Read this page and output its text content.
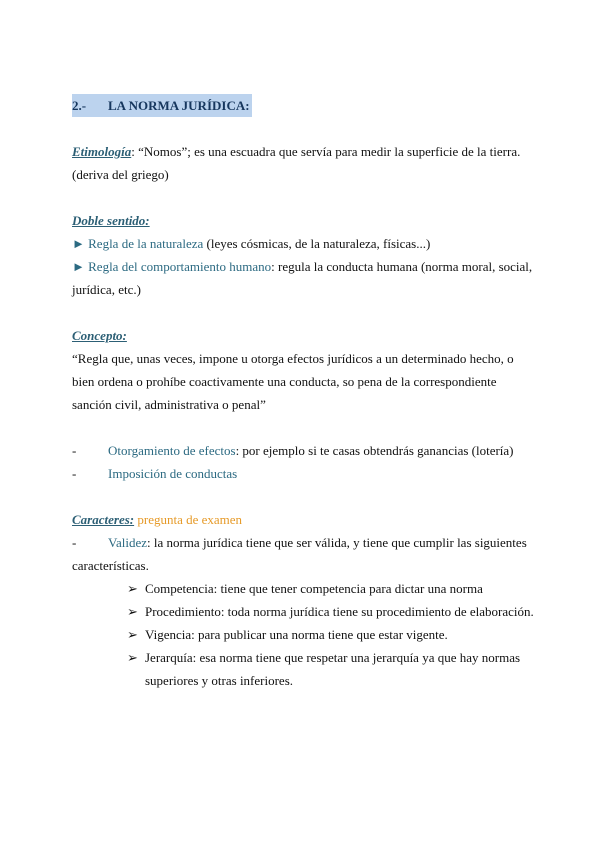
2.- LA NORMA JURÍDICA:

Etimología: “Nomos”; es una escuadra que servía para medir la superficie de la tierra. (deriva del griego)

Doble sentido:

► Regla de la naturaleza (leyes cósmicas, de la naturaleza, físicas...)

► Regla del comportamiento humano: regula la conducta humana (norma moral, social, jurídica, etc.)

Concepto:

“Regla que, unas veces, impone u otorga efectos jurídicos a un determinado hecho, o bien ordena o prohíbe coactivamente una conducta, so pena de la correspondiente sanción civil, administrativa o penal”

- Otorgamiento de efectos: por ejemplo si te casas obtendrás ganancias (lotería)

- Imposición de conductas

Caracteres: pregunta de examen

- Validez: la norma jurídica tiene que ser válida, y tiene que cumplir las siguientes características.

➢ Competencia: tiene que tener competencia para dictar una norma
➢ Procedimiento: toda norma jurídica tiene su procedimiento de elaboración.
➢ Vigencia: para publicar una norma tiene que estar vigente.
➢ Jerarquía: esa norma tiene que respetar una jerarquía ya que hay normas superiores y otras inferiores.
